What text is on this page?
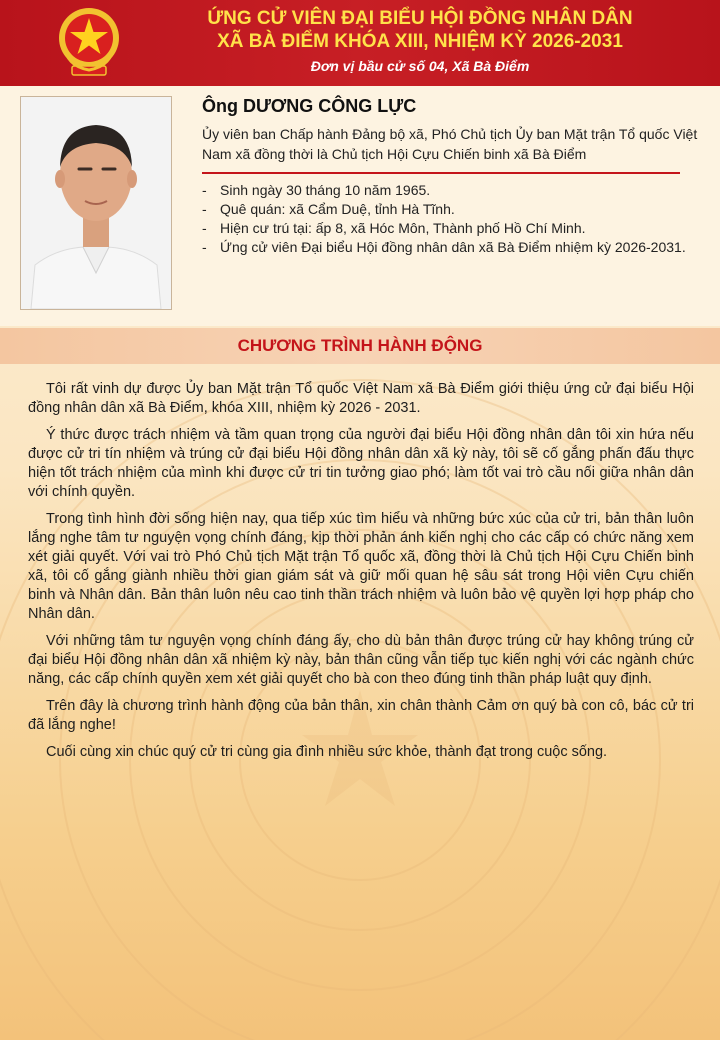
ỨNG CỬ VIÊN ĐẠI BIỂU HỘI ĐỒNG NHÂN DÂN
XÃ BÀ ĐIỂM KHÓA XIII, NHIỆM KỲ 2026-2031
Đơn vị bầu cử số 04, Xã Bà Điểm
Ông DƯƠNG CÔNG LỰC
Ủy viên ban Chấp hành Đảng bộ xã, Phó Chủ tịch Ủy ban Mặt trận Tổ quốc Việt Nam xã đồng thời là Chủ tịch Hội Cựu Chiến binh xã Bà Điểm
- Sinh ngày 30 tháng 10 năm 1965.
- Quê quán: xã Cẩm Duệ, tỉnh Hà Tĩnh.
- Hiện cư trú tại: ấp 8, xã Hóc Môn, Thành phố Hồ Chí Minh.
- Ứng cử viên Đại biểu Hội đồng nhân dân xã Bà Điểm nhiệm kỳ 2026-2031.
CHƯƠNG TRÌNH HÀNH ĐỘNG

Tôi rất vinh dự được Ủy ban Mặt trận Tổ quốc Việt Nam xã Bà Điểm giới thiệu ứng cử đại biểu Hội đồng nhân dân xã Bà Điểm, khóa XIII, nhiệm kỳ 2026 - 2031.

Ý thức được trách nhiệm và tầm quan trọng của người đại biểu Hội đồng nhân dân tôi xin hứa nếu được cử tri tín nhiệm và trúng cử đại biểu Hội đồng nhân dân xã kỳ này, tôi sẽ cố gắng phấn đấu thực hiện tốt trách nhiệm của mình khi được cử tri tin tưởng giao phó; làm tốt vai trò cầu nối giữa nhân dân với chính quyền.

Trong tình hình đời sống hiện nay, qua tiếp xúc tìm hiểu và những bức xúc của cử tri, bản thân luôn lắng nghe tâm tư nguyện vọng chính đáng, kịp thời phản ánh kiến nghị cho các cấp có chức năng xem xét giải quyết. Với vai trò Phó Chủ tịch Mặt trận Tổ quốc xã, đồng thời là Chủ tịch Hội Cựu Chiến binh xã, tôi cố gắng giành nhiều thời gian giám sát và giữ mối quan hệ sâu sát trong Hội viên Cựu chiến binh và Nhân dân. Bản thân luôn nêu cao tinh thần trách nhiệm và luôn bảo vệ quyền lợi hợp pháp cho Nhân dân.

Với những tâm tư nguyện vọng chính đáng ấy, cho dù bản thân được trúng cử hay không trúng cử đại biểu Hội đồng nhân dân xã nhiệm kỳ này, bản thân cũng vẫn tiếp tục kiến nghị với các ngành chức năng, các cấp chính quyền xem xét giải quyết cho bà con theo đúng tinh thần pháp luật quy định.

Trên đây là chương trình hành động của bản thân, xin chân thành Cảm ơn quý bà con cô, bác cử tri đã lắng nghe!

Cuối cùng xin chúc quý cử tri cùng gia đình nhiều sức khỏe, thành đạt trong cuộc sống.
